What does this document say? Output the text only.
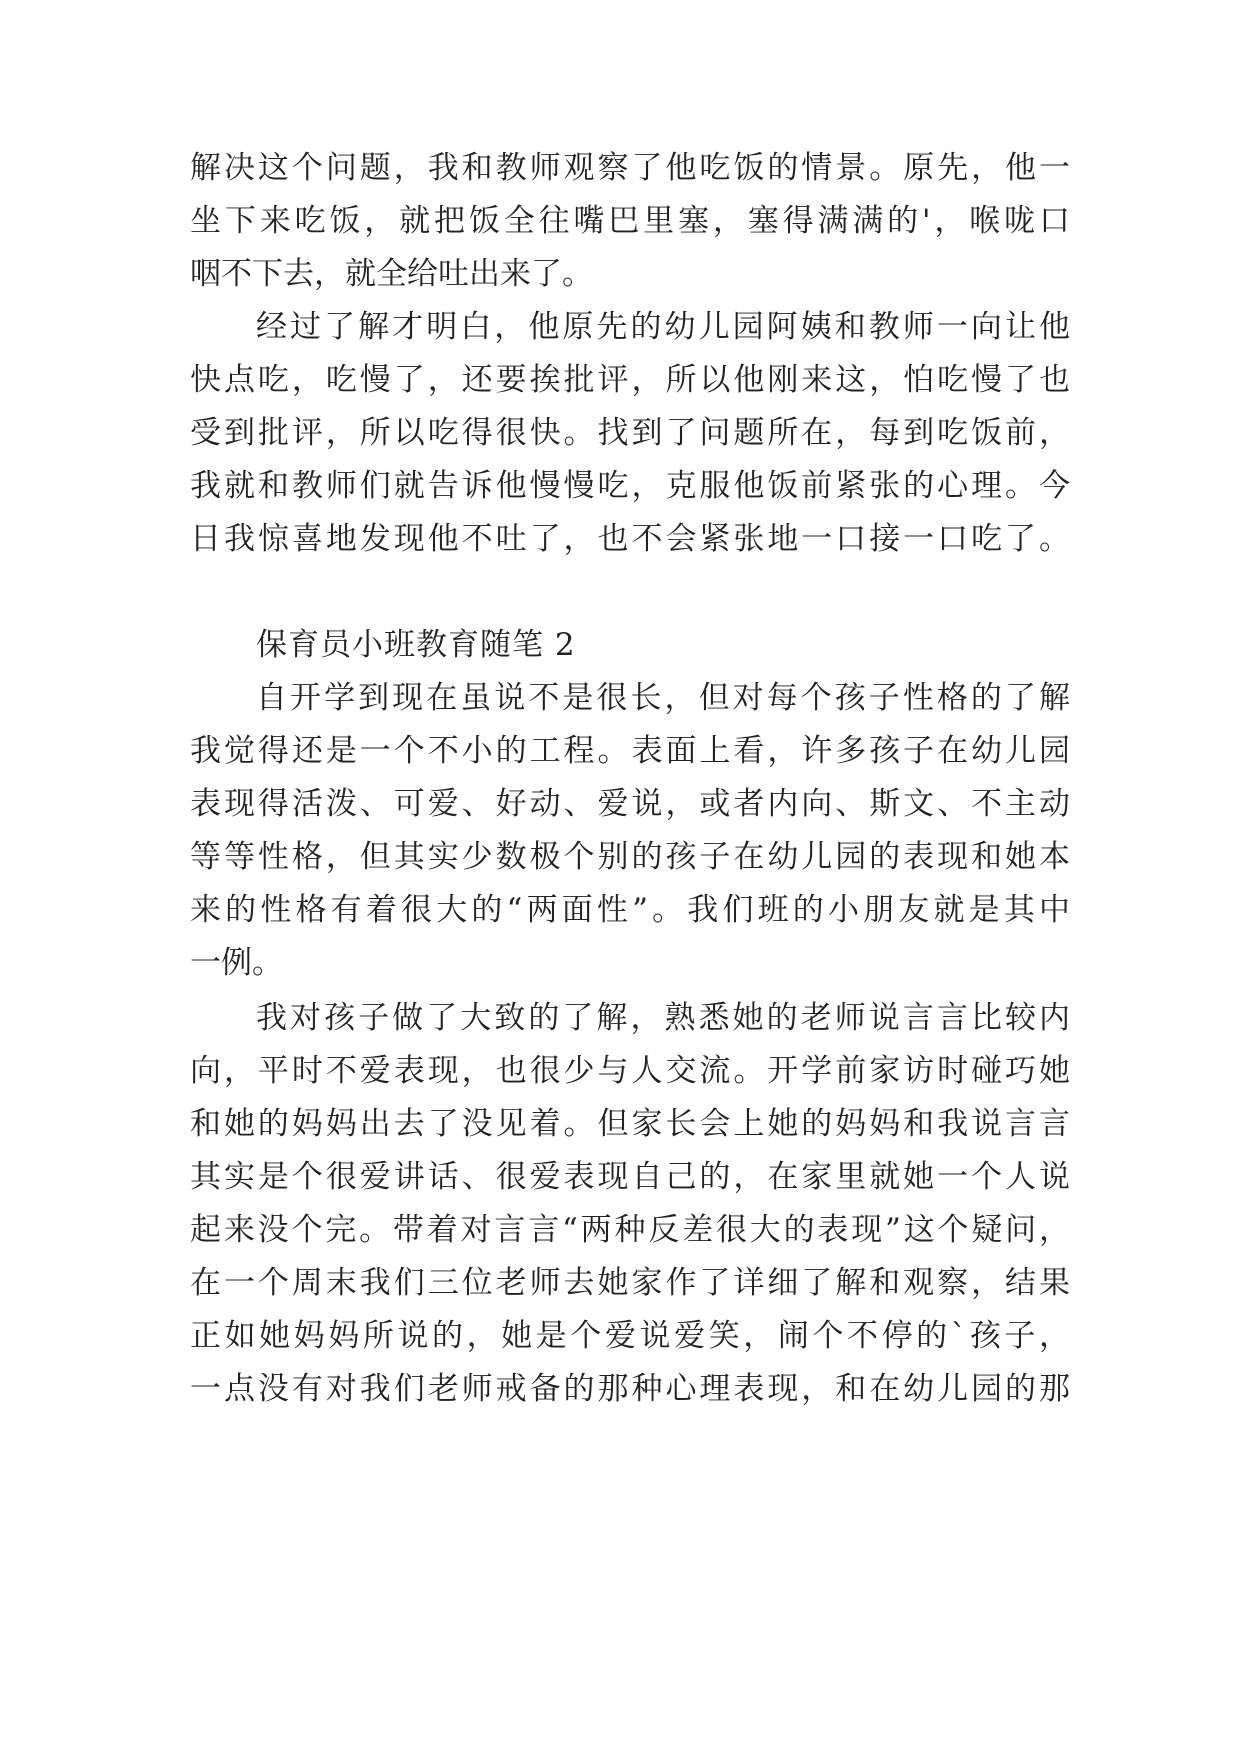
解决这个问题，我和教师观察了他吃饭的情景。原先，他一
坐下来吃饭，就把饭全往嘴巴里塞，塞得满满的'，喉咙口
咽不下去，就全给吐出来了。
经过了解才明白，他原先的幼儿园阿姨和教师一向让他
快点吃，吃慢了，还要挨批评，所以他刚来这，怕吃慢了也
受到批评，所以吃得很快。找到了问题所在，每到吃饭前，
我就和教师们就告诉他慢慢吃，克服他饭前紧张的心理。今
日我惊喜地发现他不吐了，也不会紧张地一口接一口吃了。
保育员小班教育随笔 2
自开学到现在虽说不是很长，但对每个孩子性格的了解
我觉得还是一个不小的工程。表面上看，许多孩子在幼儿园
表现得活泼、可爱、好动、爱说，或者内向、斯文、不主动
等等性格，但其实少数极个别的孩子在幼儿园的表现和她本
来的性格有着很大的“两面性”。我们班的小朋友就是其中
一例。
我对孩子做了大致的了解，熟悉她的老师说言言比较内
向，平时不爱表现，也很少与人交流。开学前家访时碰巧她
和她的妈妈出去了没见着。但家长会上她的妈妈和我说言言
其实是个很爱讲话、很爱表现自己的，在家里就她一个人说
起来没个完。带着对言言“两种反差很大的表现”这个疑问，
在一个周末我们三位老师去她家作了详细了解和观察，结果
正如她妈妈所说的，她是个爱说爱笑，闹个不停的`孩子，
一点没有对我们老师戒备的那种心理表现，和在幼儿园的那
